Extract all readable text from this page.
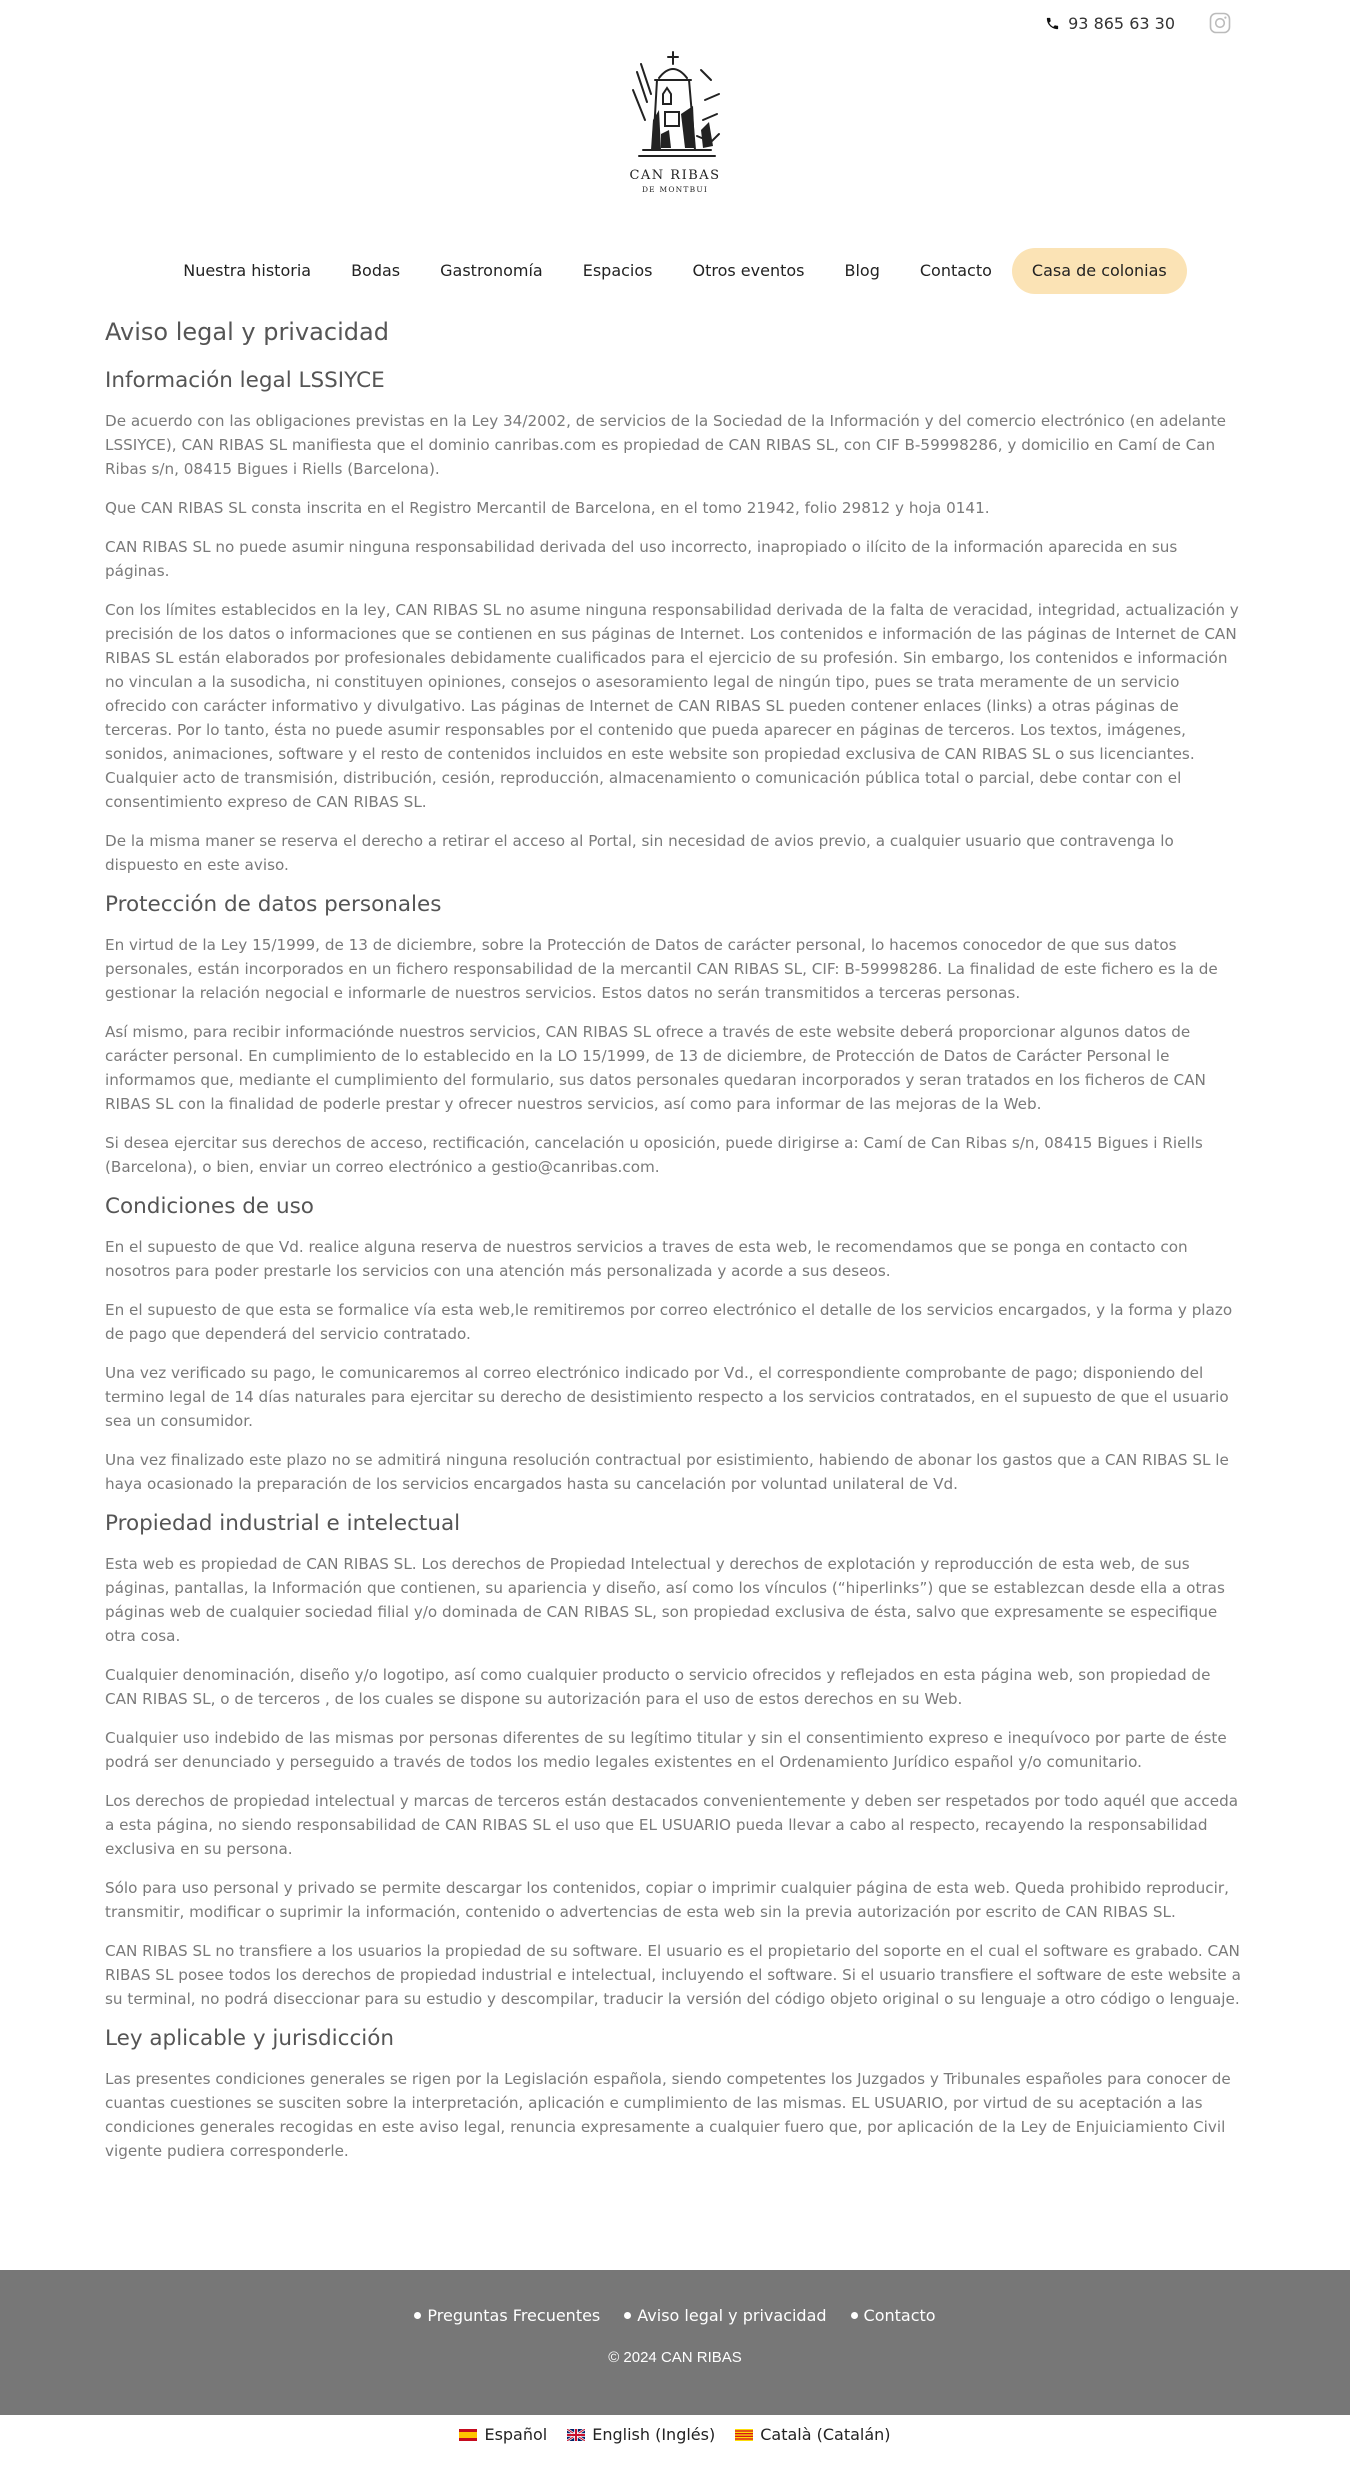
93 865 63 30
CAN RIBAS
DE MONTBUI
Nuestra historia	Bodas	Gastronomía	Espacios	Otros eventos	Blog	Contacto	Casa de colonias
Aviso legal y privacidad
Información legal LSSIYCE

De acuerdo con las obligaciones previstas en la Ley 34/2002, de servicios de la Sociedad de la Información y del comercio electrónico (en adelante LSSIYCE), CAN RIBAS SL manifiesta que el dominio canribas.com es propiedad de CAN RIBAS SL, con CIF B-59998286, y domicilio en Camí de Can Ribas s/n, 08415 Bigues i Riells (Barcelona).

Que CAN RIBAS SL consta inscrita en el Registro Mercantil de Barcelona, en el tomo 21942, folio 29812 y hoja 0141.

CAN RIBAS SL no puede asumir ninguna responsabilidad derivada del uso incorrecto, inapropiado o ilícito de la información aparecida en sus páginas.

Con los límites establecidos en la ley, CAN RIBAS SL no asume ninguna responsabilidad derivada de la falta de veracidad, integridad, actualización y precisión de los datos o informaciones que se contienen en sus páginas de Internet. Los contenidos e información de las páginas de Internet de CAN RIBAS SL están elaborados por profesionales debidamente cualificados para el ejercicio de su profesión. Sin embargo, los contenidos e información no vinculan a la susodicha, ni constituyen opiniones, consejos o asesoramiento legal de ningún tipo, pues se trata meramente de un servicio ofrecido con carácter informativo y divulgativo. Las páginas de Internet de CAN RIBAS SL pueden contener enlaces (links) a otras páginas de terceras. Por lo tanto, ésta no puede asumir responsables por el contenido que pueda aparecer en páginas de terceros. Los textos, imágenes, sonidos, animaciones, software y el resto de contenidos incluidos en este website son propiedad exclusiva de CAN RIBAS SL o sus licenciantes. Cualquier acto de transmisión, distribución, cesión, reproducción, almacenamiento o comunicación pública total o parcial, debe contar con el consentimiento expreso de CAN RIBAS SL.

De la misma maner se reserva el derecho a retirar el acceso al Portal, sin necesidad de avios previo, a cualquier usuario que contravenga lo dispuesto en este aviso.

Protección de datos personales

En virtud de la Ley 15/1999, de 13 de diciembre, sobre la Protección de Datos de carácter personal, lo hacemos conocedor de que sus datos personales, están incorporados en un fichero responsabilidad de la mercantil CAN RIBAS SL, CIF: B-59998286. La finalidad de este fichero es la de gestionar la relación negocial e informarle de nuestros servicios. Estos datos no serán transmitidos a terceras personas.

Así mismo, para recibir informaciónde nuestros servicios, CAN RIBAS SL ofrece a través de este website deberá proporcionar algunos datos de carácter personal. En cumplimiento de lo establecido en la LO 15/1999, de 13 de diciembre, de Protección de Datos de Carácter Personal le informamos que, mediante el cumplimiento del formulario, sus datos personales quedaran incorporados y seran tratados en los ficheros de CAN RIBAS SL con la finalidad de poderle prestar y ofrecer nuestros servicios, así como para informar de las mejoras de la Web.

Si desea ejercitar sus derechos de acceso, rectificación, cancelación u oposición, puede dirigirse a: Camí de Can Ribas s/n, 08415 Bigues i Riells (Barcelona), o bien, enviar un correo electrónico a gestio@canribas.com.

Condiciones de uso

En el supuesto de que Vd. realice alguna reserva de nuestros servicios a traves de esta web, le recomendamos que se ponga en contacto con nosotros para poder prestarle los servicios con una atención más personalizada y acorde a sus deseos.

En el supuesto de que esta se formalice vía esta web,le remitiremos por correo electrónico el detalle de los servicios encargados, y la forma y plazo de pago que dependerá del servicio contratado.

Una vez verificado su pago, le comunicaremos al correo electrónico indicado por Vd., el correspondiente comprobante de pago; disponiendo del termino legal de 14 días naturales para ejercitar su derecho de desistimiento respecto a los servicios contratados, en el supuesto de que el usuario sea un consumidor.

Una vez finalizado este plazo no se admitirá ninguna resolución contractual por esistimiento, habiendo de abonar los gastos que a CAN RIBAS SL le haya ocasionado la preparación de los servicios encargados hasta su cancelación por voluntad unilateral de Vd.

Propiedad industrial e intelectual

Esta web es propiedad de CAN RIBAS SL. Los derechos de Propiedad Intelectual y derechos de explotación y reproducción de esta web, de sus páginas, pantallas, la Información que contienen, su apariencia y diseño, así como los vínculos (“hiperlinks”) que se establezcan desde ella a otras páginas web de cualquier sociedad filial y/o dominada de CAN RIBAS SL, son propiedad exclusiva de ésta, salvo que expresamente se especifique otra cosa.

Cualquier denominación, diseño y/o logotipo, así como cualquier producto o servicio ofrecidos y reflejados en esta página web, son propiedad de CAN RIBAS SL, o de terceros , de los cuales se dispone su autorización para el uso de estos derechos en su Web.

Cualquier uso indebido de las mismas por personas diferentes de su legítimo titular y sin el consentimiento expreso e inequívoco por parte de éste podrá ser denunciado y perseguido a través de todos los medio legales existentes en el Ordenamiento Jurídico español y/o comunitario.

Los derechos de propiedad intelectual y marcas de terceros están destacados convenientemente y deben ser respetados por todo aquél que acceda a esta página, no siendo responsabilidad de CAN RIBAS SL el uso que EL USUARIO pueda llevar a cabo al respecto, recayendo la responsabilidad exclusiva en su persona.

Sólo para uso personal y privado se permite descargar los contenidos, copiar o imprimir cualquier página de esta web. Queda prohibido reproducir, transmitir, modificar o suprimir la información, contenido o advertencias de esta web sin la previa autorización por escrito de CAN RIBAS SL.

CAN RIBAS SL no transfiere a los usuarios la propiedad de su software. El usuario es el propietario del soporte en el cual el software es grabado. CAN RIBAS SL posee todos los derechos de propiedad industrial e intelectual, incluyendo el software. Si el usuario transfiere el software de este website a su terminal, no podrá diseccionar para su estudio y descompilar, traducir la versión del código objeto original o su lenguaje a otro código o lenguaje.

Ley aplicable y jurisdicción

Las presentes condiciones generales se rigen por la Legislación española, siendo competentes los Juzgados y Tribunales españoles para conocer de cuantas cuestiones se susciten sobre la interpretación, aplicación e cumplimiento de las mismas. EL USUARIO, por virtud de su aceptación a las condiciones generales recogidas en este aviso legal, renuncia expresamente a cualquier fuero que, por aplicación de la Ley de Enjuiciamiento Civil vigente pudiera corresponderle.

Preguntas Frecuentes Aviso legal y privacidad Contacto
© 2024 CAN RIBAS
Español	English (Inglés)	Català (Catalán)
